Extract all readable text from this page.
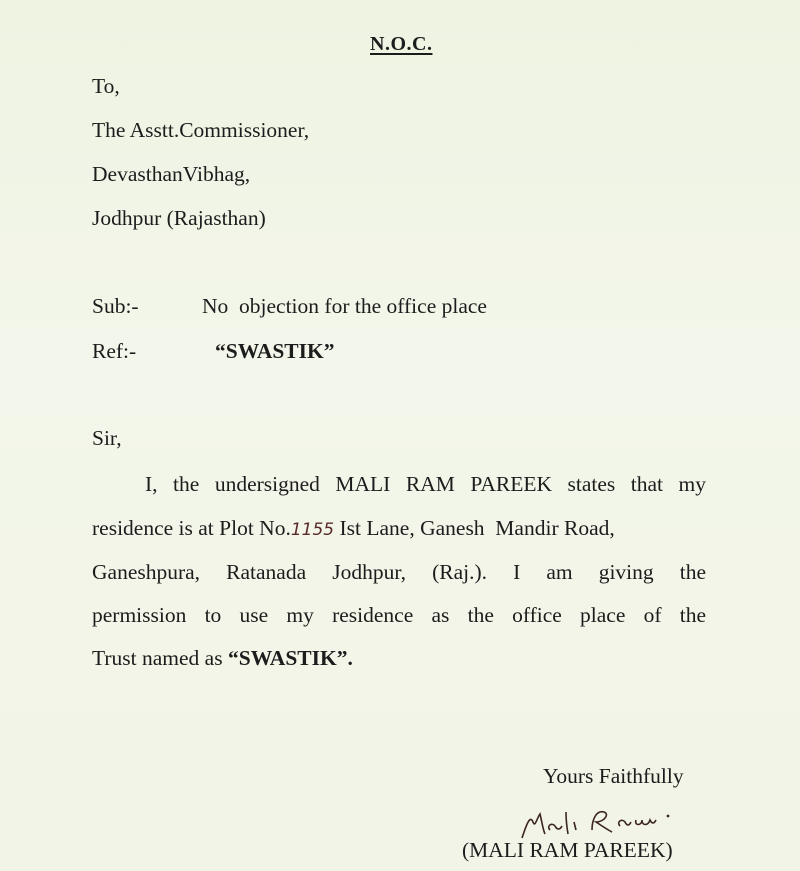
N.O.C.
To,
The Asstt.Commissioner,
DevasthanVibhag,
Jodhpur (Rajasthan)
Sub:-	No  objection for the office place
Ref:-	“SWASTIK”
Sir,
I, the undersigned MALI RAM PAREEK states that my
residence is at Plot No.1155 Ist Lane, Ganesh  Mandir Road,
Ganeshpura, Ratanada Jodhpur, (Raj.). I am giving the
permission to use my residence as the office place of the
Trust named as “SWASTIK”.
Yours Faithfully
(MALI RAM PAREEK)
